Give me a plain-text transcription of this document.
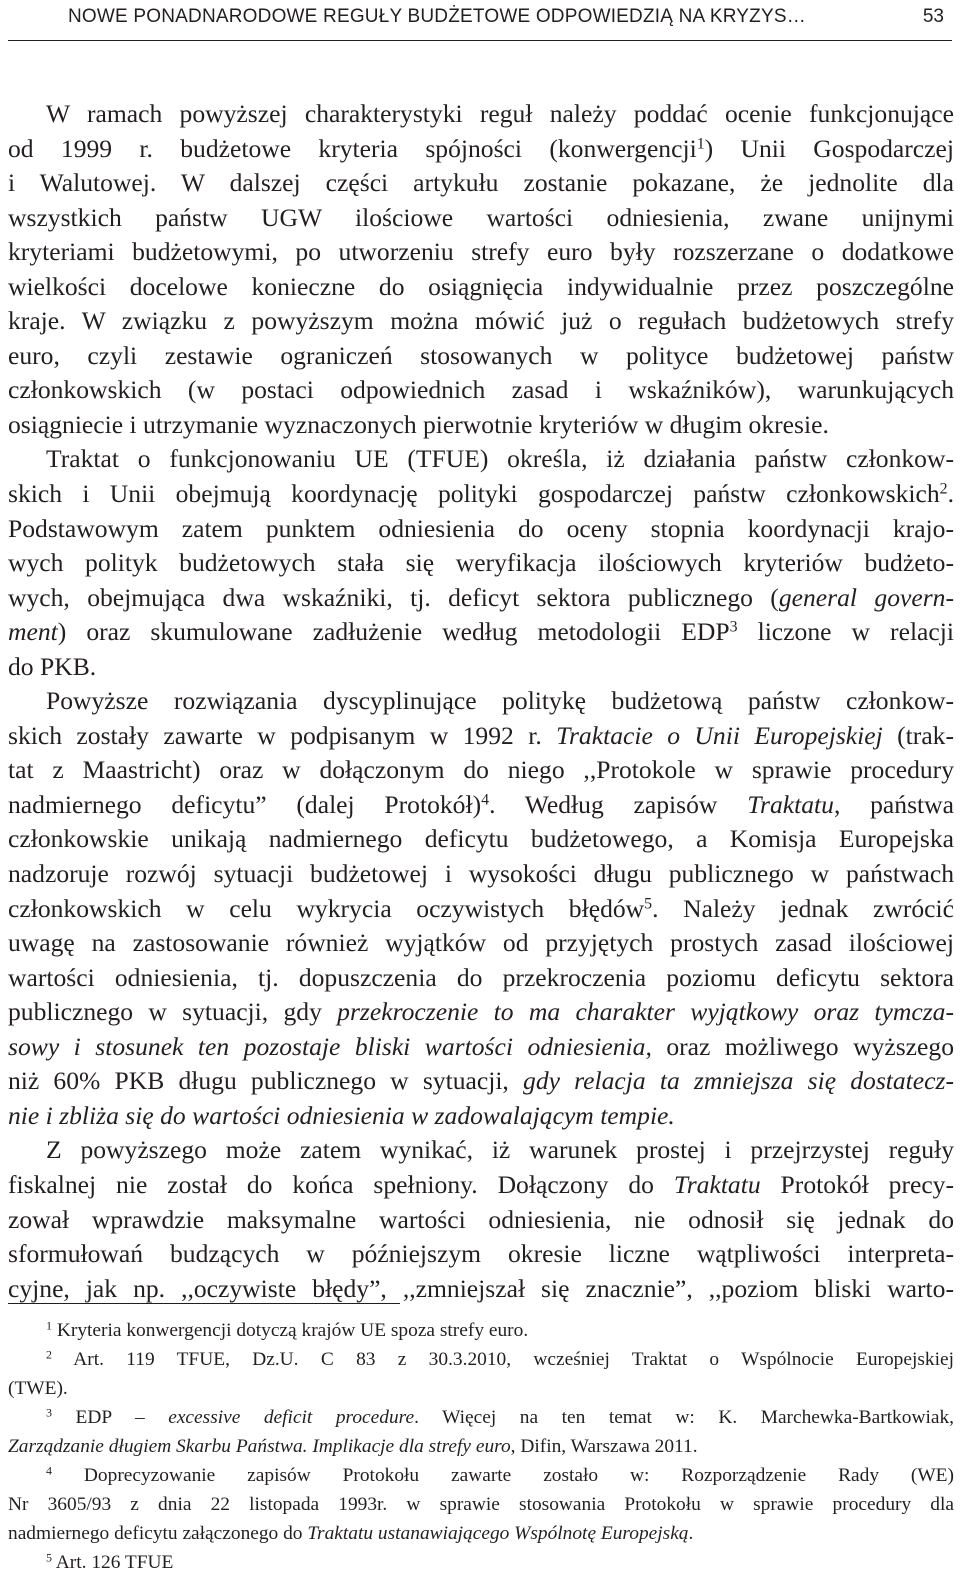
NOWE PONADNARODOWE REGUŁY BUDŻETOWE ODPOWIEDZIĄ NA KRYZYS…	53
W ramach powyższej charakterystyki reguł należy poddać ocenie funkcjonujące
od 1999 r. budżetowe kryteria spójności (konwergencji$^1$) Unii Gospodarczej
i Walutowej. W dalszej części artykułu zostanie pokazane, że jednolite dla
wszystkich państw UGW ilościowe wartości odniesienia, zwane unijnymi
kryteriami budżetowymi, po utworzeniu strefy euro były rozszerzane o dodatkowe
wielkości docelowe konieczne do osiągnięcia indywidualnie przez poszczególne
kraje. W związku z powyższym można mówić już o regułach budżetowych strefy
euro, czyli zestawie ograniczeń stosowanych w polityce budżetowej państw
członkowskich (w postaci odpowiednich zasad i wskaźników), warunkujących
osiągniecie i utrzymanie wyznaczonych pierwotnie kryteriów w długim okresie.
Traktat o funkcjonowaniu UE (TFUE) określa, iż działania państw członkow-
skich i Unii obejmują koordynację polityki gospodarczej państw członkowskich$^2$.
Podstawowym zatem punktem odniesienia do oceny stopnia koordynacji krajo-
wych polityk budżetowych stała się weryfikacja ilościowych kryteriów budżeto-
wych, obejmująca dwa wskaźniki, tj. deficyt sektora publicznego (general govern-
ment) oraz skumulowane zadłużenie według metodologii EDP$^3$ liczone w relacji
do PKB.
Powyższe rozwiązania dyscyplinujące politykę budżetową państw członkow-
skich zostały zawarte w podpisanym w 1992 r. Traktacie o Unii Europejskiej (trak-
tat z Maastricht) oraz w dołączonym do niego ,,Protokole w sprawie procedury
nadmiernego deficytu” (dalej Protokół)$^4$. Według zapisów Traktatu, państwa
członkowskie unikają nadmiernego deficytu budżetowego, a Komisja Europejska
nadzoruje rozwój sytuacji budżetowej i wysokości długu publicznego w państwach
członkowskich w celu wykrycia oczywistych błędów$^5$. Należy jednak zwrócić
uwagę na zastosowanie również wyjątków od przyjętych prostych zasad ilościowej
wartości odniesienia, tj. dopuszczenia do przekroczenia poziomu deficytu sektora
publicznego w sytuacji, gdy przekroczenie to ma charakter wyjątkowy oraz tymcza-
sowy i stosunek ten pozostaje bliski wartości odniesienia, oraz możliwego wyższego
niż 60% PKB długu publicznego w sytuacji, gdy relacja ta zmniejsza się dostatecz-
nie i zbliża się do wartości odniesienia w zadowalającym tempie.
Z powyższego może zatem wynikać, iż warunek prostej i przejrzystej reguły
fiskalnej nie został do końca spełniony. Dołączony do Traktatu Protokół precy-
zował wprawdzie maksymalne wartości odniesienia, nie odnosił się jednak do
sformułowań budzących w późniejszym okresie liczne wątpliwości interpreta-
cyjne, jak np. ,,oczywiste błędy”, ,,zmniejszał się znacznie”, ,,poziom bliski warto-
$^1$ Kryteria konwergencji dotyczą krajów UE spoza strefy euro.
$^2$ Art. 119 TFUE, Dz.U. C 83 z 30.3.2010, wcześniej Traktat o Wspólnocie Europejskiej
(TWE).
$^3$ EDP – excessive deficit procedure. Więcej na ten temat w: K. Marchewka-Bartkowiak,
Zarządzanie długiem Skarbu Państwa. Implikacje dla strefy euro, Difin, Warszawa 2011.
$^4$ Doprecyzowanie zapisów Protokołu zawarte zostało w: Rozporządzenie Rady (WE)
Nr 3605/93 z dnia 22 listopada 1993r. w sprawie stosowania Protokołu w sprawie procedury dla
nadmiernego deficytu załączonego do Traktatu ustanawiającego Wspólnotę Europejską.
$^5$ Art. 126 TFUE
